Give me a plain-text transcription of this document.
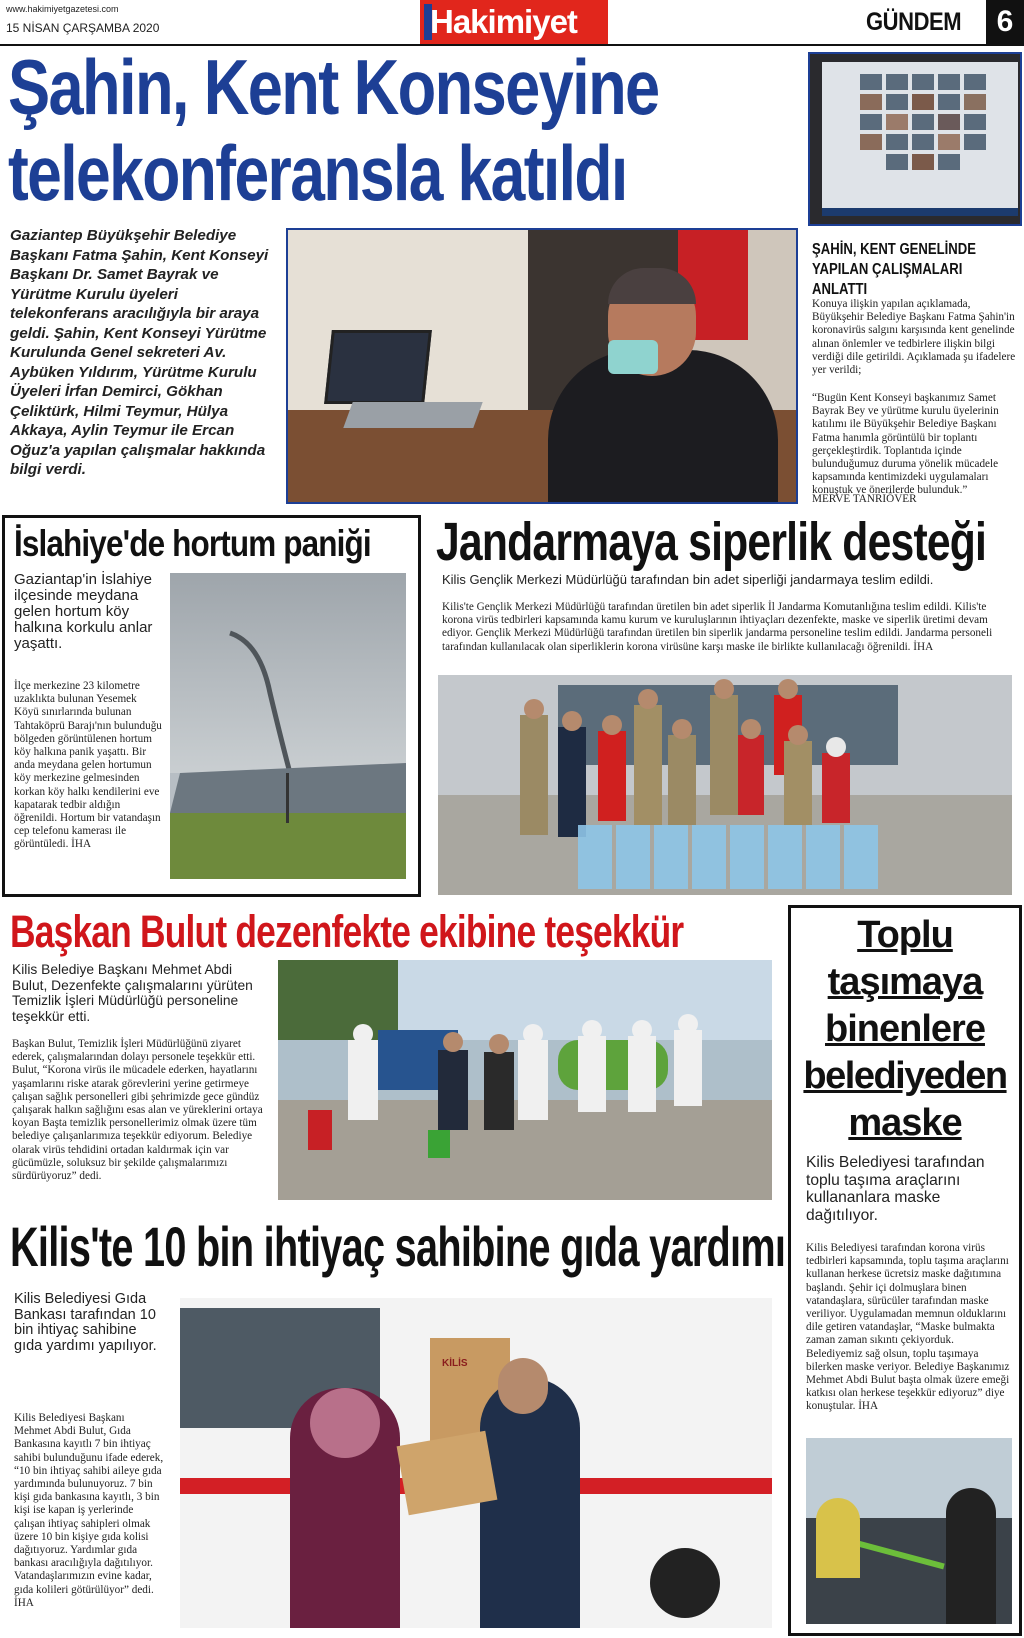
www.hakimiyetgazetesi.com
15 NİSAN ÇARŞAMBA 2020	Hakimiyet	GÜNDEM	6
Şahin, Kent Konseyine
telekonferansla katıldı
Gaziantep Büyükşehir Belediye Başkanı Fatma Şahin, Kent Konseyi Başkanı Dr. Samet Bayrak ve Yürütme Kurulu üyeleri telekonferans aracılığıyla bir araya geldi. Şahin, Kent Konseyi Yürütme Kurulunda Genel sekreteri Av. Aybüken Yıldırım, Yürütme Kurulu Üyeleri İrfan Demirci, Gökhan Çeliktürk, Hilmi Teymur, Hülya Akkaya, Aylin Teymur ile Ercan Oğuz'a yapılan çalışmalar hakkında bilgi verdi.
ŞAHİN, KENT GENELİNDE YAPILAN ÇALIŞMALARI ANLATTI
Konuya ilişkin yapılan açıklamada, Büyükşehir Belediye Başkanı Fatma Şahin'in koronavirüs salgını karşısında kent genelinde alınan önlemler ve tedbirlere ilişkin bilgi verdiği dile getirildi. Açıklamada şu ifadelere yer verildi;
“Bugün Kent Konseyi başkanımız Samet Bayrak Bey ve yürütme kurulu üyelerinin katılımı ile Büyükşehir Belediye Başkanı Fatma hanımla görüntülü bir toplantı gerçekleştirdik. Toplantıda içinde bulunduğumuz duruma yönelik mücadele kapsamında kentimizdeki uygulamaları konuştuk ve önerilerde bulunduk.”
MERVE TANRIÖVER
İslahiye'de hortum paniği
Gaziantap'in İslahiye ilçesinde meydana gelen hortum köy halkına korkulu anlar yaşattı.
İlçe merkezine 23 kilometre uzaklıkta bulunan Yesemek Köyü sınırlarında bulunan Tahtaköprü Barajı'nın bulunduğu bölgeden görüntülenen hortum köy halkına panik yaşattı. Bir anda meydana gelen hortumun köy merkezine gelmesinden korkan köy halkı kendilerini eve kapatarak tedbir aldığın öğrenildi. Hortum bir vatandaşın cep telefonu kamerası ile görüntüledi. İHA
Jandarmaya siperlik desteği
Kilis Gençlik Merkezi Müdürlüğü tarafından bin adet siperliği jandarmaya teslim edildi.
Kilis'te Gençlik Merkezi Müdürlüğü tarafından üretilen bin adet siperlik İl Jandarma Komutanlığına teslim edildi. Kilis'te korona virüs tedbirleri kapsamında kamu kurum ve kuruluşlarının ihtiyaçları dezenfekte, maske ve siperlik üretimi devam ediyor. Gençlik Merkezi Müdürlüğü tarafından üretilen bin siperlik jandarma personeline teslim edildi. Jandarma personeli tarafından kullanılacak olan siperliklerin korona virüsüne karşı maske ile birlikte kullanılacağı öğrenildi. İHA
Başkan Bulut dezenfekte ekibine teşekkür
Kilis Belediye Başkanı Mehmet Abdi Bulut, Dezenfekte çalışmalarını yürüten Temizlik İşleri Müdürlüğü personeline teşekkür etti.
Başkan Bulut, Temizlik İşleri Müdürlüğünü ziyaret ederek, çalışmalarından dolayı personele teşekkür etti. Bulut, “Korona virüs ile mücadele ederken, hayatlarını yaşamlarını riske atarak görevlerini yerine getirmeye çalışan sağlık personelleri gibi şehrimizde gece gündüz çalışarak halkın sağlığını esas alan ve yüreklerini ortaya koyan Başta temizlik personellerimiz olmak üzere tüm belediye çalışanlarımıza teşekkür ediyorum. Belediye olarak virüs tehdidini ortadan kaldırmak için var gücümüzle, soluksuz bir şekilde çalışmalarımızı sürdürüyoruz” dedi.
Toplu
taşımaya
binenlere
belediyeden
maske
Kilis Belediyesi tarafından toplu taşıma araçlarını kullananlara maske dağıtılıyor.
Kilis Belediyesi tarafından korona virüs tedbirleri kapsamında, toplu taşıma araçlarını kullanan herkese ücretsiz maske dağıtımına başlandı. Şehir içi dolmuşlara binen vatandaşlara, sürücüler tarafından maske veriliyor. Uygulamadan memnun olduklarını dile getiren vatandaşlar, “Maske bulmakta zaman zaman sıkıntı çekiyorduk. Belediyemiz sağ olsun, toplu taşımaya bilerken maske veriyor. Belediye Başkanımız Mehmet Abdi Bulut başta olmak üzere emeği katkısı olan herkese teşekkür ediyoruz” diye konuştular. İHA
Kilis'te 10 bin ihtiyaç sahibine gıda yardımı
Kilis Belediyesi Gıda Bankası tarafından 10 bin ihtiyaç sahibine gıda yardımı yapılıyor.
Kilis Belediyesi Başkanı Mehmet Abdi Bulut, Gıda Bankasına kayıtlı 7 bin ihtiyaç sahibi bulunduğunu ifade ederek, “10 bin ihtiyaç sahibi aileye gıda yardımında bulunuyoruz. 7 bin kişi gıda bankasına kayıtlı, 3 bin kişi ise kapan iş yerlerinde çalışan ihtiyaç sahipleri olmak üzere 10 bin kişiye gıda kolisi dağıtıyoruz. Yardımlar gıda bankası aracılığıyla dağıtılıyor. Vatandaşlarımızın evine kadar, gıda kolileri götürülüyor” dedi. İHA
KİLİS
